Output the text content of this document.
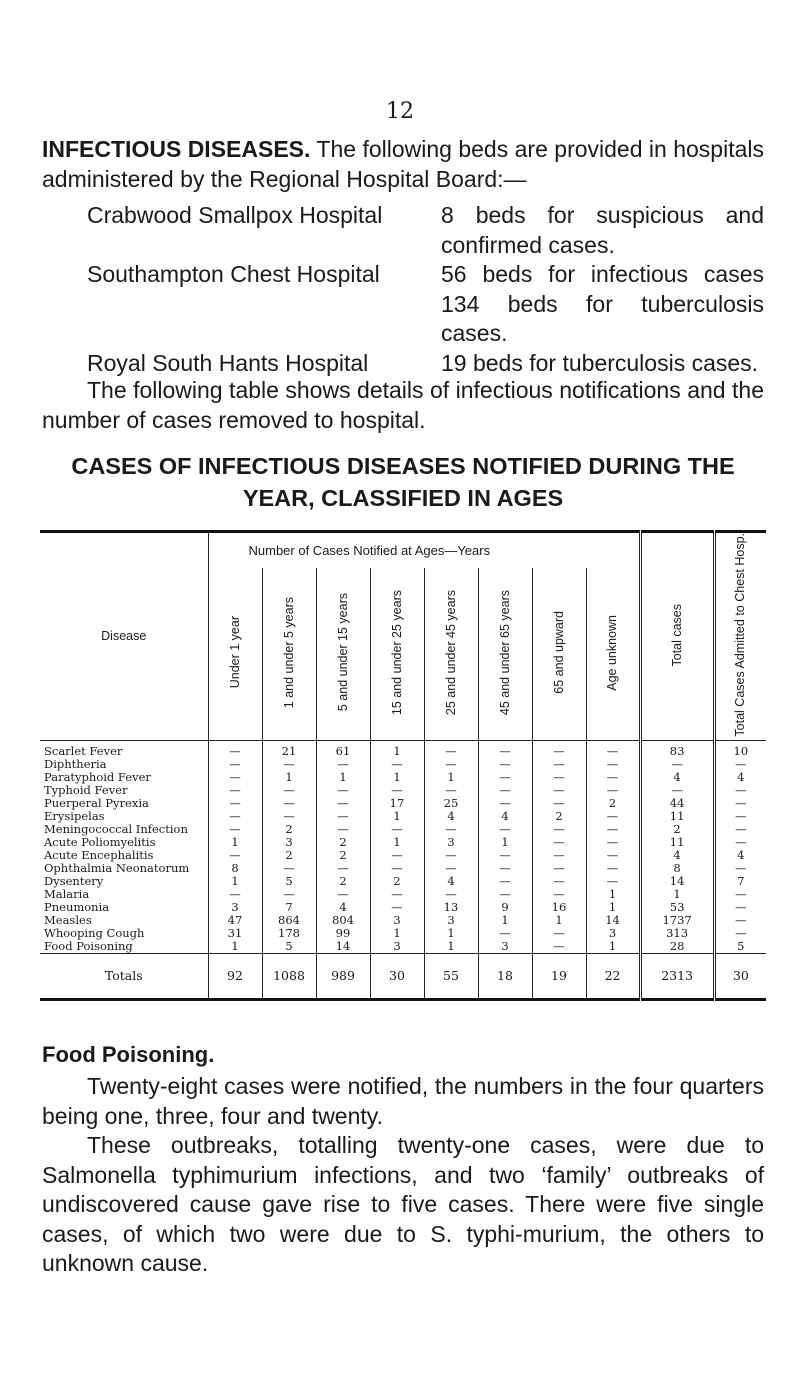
12
INFECTIOUS DISEASES. The following beds are provided in hospitals administered by the Regional Hospital Board:—
Crabwood Smallpox Hospital	8 beds for suspicious and confirmed cases.
Southampton Chest Hospital	56 beds for infectious cases 134 beds for tuberculosis cases.
Royal South Hants Hospital	19 beds for tuberculosis cases.
The following table shows details of infectious notifications and the number of cases removed to hospital.
CASES OF INFECTIOUS DISEASES NOTIFIED DURING THE YEAR, CLASSIFIED IN AGES
Disease	Number of Cases Notified at Ages—Years								Total cases	Total Cases Admitted to Chest Hosp.
	Under 1 year	1 and under 5 years	5 and under 15 years	15 and under 25 years	25 and under 45 years	45 and under 65 years	65 and upward	Age unknown		
Scarlet Fever	—	21	61	1	—	—	—	—	83	10
Diphtheria	—	—	—	—	—	—	—	—	—	—
Paratyphoid Fever	—	1	1	1	1	—	—	—	4	4
Typhoid Fever	—	—	—	—	—	—	—	—	—	—
Puerperal Pyrexia	—	—	—	17	25	—	—	2	44	—
Erysipelas	—	—	—	1	4	4	2	—	11	—
Meningococcal Infection	—	2	—	—	—	—	—	—	2	—
Acute Poliomyelitis	1	3	2	1	3	1	—	—	11	—
Acute Encephalitis	—	2	2	—	—	—	—	—	4	4
Ophthalmia Neonatorum	8	—	—	—	—	—	—	—	8	—
Dysentery	1	5	2	2	4	—	—	—	14	7
Malaria	—	—	—	—	—	—	—	1	1	—
Pneumonia	3	7	4	—	13	9	16	1	53	—
Measles	47	864	804	3	3	1	1	14	1737	—
Whooping Cough	31	178	99	1	1	—	—	3	313	—
Food Poisoning	1	5	14	3	1	3	—	1	28	5
Totals	92	1088	989	30	55	18	19	22	2313	30
Food Poisoning.

Twenty-eight cases were notified, the numbers in the four quarters being one, three, four and twenty.

These outbreaks, totalling twenty-one cases, were due to Salmonella typhimurium infections, and two ‘family’ outbreaks of undiscovered cause gave rise to five cases. There were five single cases, of which two were due to S. typhi-murium, the others to unknown cause.
